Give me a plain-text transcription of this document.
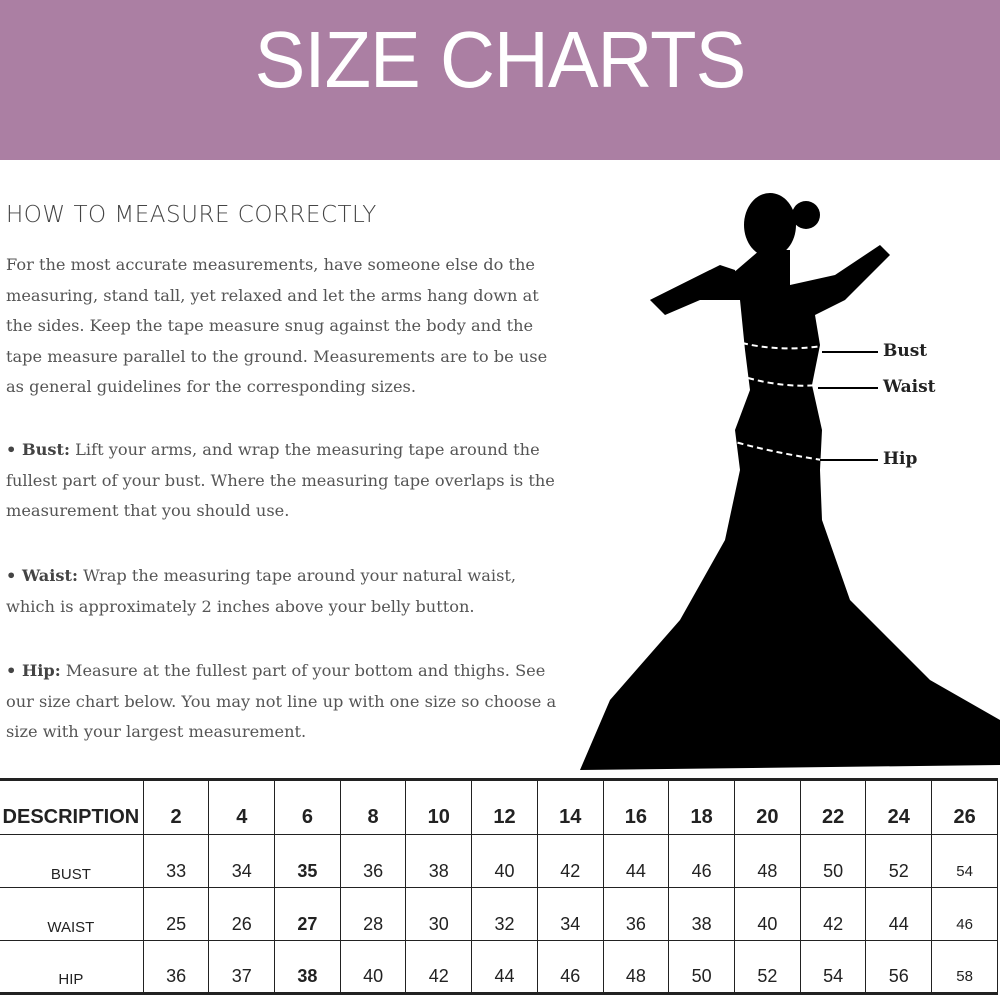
SIZE CHARTS
HOW TO MEASURE CORRECTLY

For the most accurate measurements, have someone else do the measuring, stand tall, yet relaxed and let the arms hang down at the sides. Keep the tape measure snug against the body and the tape measure parallel to the ground. Measurements are to be use as general guidelines for the corresponding sizes.

• Bust: Lift your arms, and wrap the measuring tape around the fullest part of your bust. Where the measuring tape overlaps is the measurement that you should use.

• Waist: Wrap the measuring tape around your natural waist, which is approximately 2 inches above your belly button.

• Hip: Measure at the fullest part of your bottom and thighs. See our size chart below. You may not line up with one size so choose a size with your largest measurement.

Bust
Waist
Hip
DESCRIPTION	2	4	6	8	10	12	14	16	18	20	22	24	26
BUST	33	34	35	36	38	40	42	44	46	48	50	52	54
WAIST	25	26	27	28	30	32	34	36	38	40	42	44	46
HIP	36	37	38	40	42	44	46	48	50	52	54	56	58
